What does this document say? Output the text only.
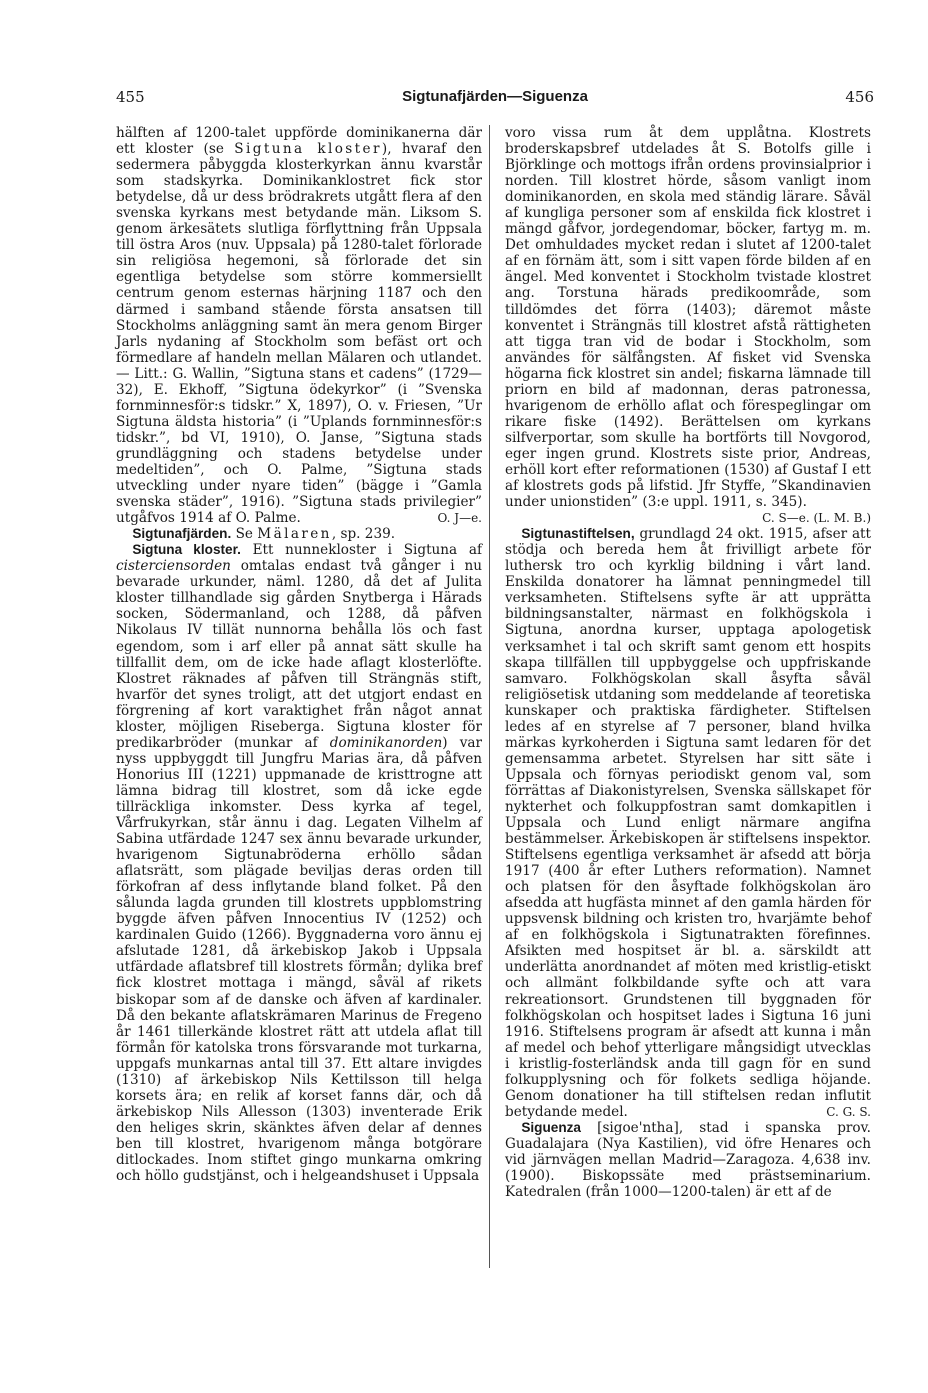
455	Sigtunafjärden—Siguenza	456

hälften af 1200-talet uppförde dominikanerna där ett kloster (se Sigtuna kloster), hvaraf den sedermera påbyggda klosterkyrkan ännu kvarstår som stadskyrka. Dominikanklostret fick stor betydelse, då ur dess brödrakrets utgått flera af den svenska kyrkans mest betydande män. Liksom S. genom ärkesätets slutliga förflyttning från Uppsala till östra Aros (nuv. Uppsala) på 1280-talet förlorade sin religiösa hegemoni, så förlorade det sin egentliga betydelse som större kommersiellt centrum genom esternas härjning 1187 och den därmed i samband stående första ansatsen till Stockholms anläggning samt än mera genom Birger Jarls nydaning af Stockholm som befäst ort och förmedlare af handeln mellan Mälaren och utlandet. — Litt.: G. Wallin, ”Sigtuna stans et cadens” (1729—32), E. Ekhoff, ”Sigtuna ödekyrkor” (i ”Svenska fornminnesför:s tidskr.” X, 1897), O. v. Friesen, ”Ur Sigtuna äldsta historia” (i ”Uplands fornminnesför:s tidskr.”, bd VI, 1910), O. Janse, ”Sigtuna stads grundläggning och stadens betydelse under medeltiden”, och O. Palme, ”Sigtuna stads utveckling under nyare tiden” (bägge i ”Gamla svenska städer”, 1916). ”Sigtuna stads privilegier” utgåfvos 1914 af O. Palme.	O. J—e.

Sigtunafjärden. Se Mälaren, sp. 239.

Sigtuna kloster. Ett nunnekloster i Sigtuna af cisterciensorden omtalas endast två gånger i nu bevarade urkunder, näml. 1280, då det af Julita kloster tillhandlade sig gården Snytberga i Härads socken, Södermanland, och 1288, då påfven Nikolaus IV tillät nunnorna behålla lös och fast egendom, som i arf eller på annat sätt skulle ha tillfallit dem, om de icke hade aflagt klosterlöfte. Klostret räknades af påfven till Strängnäs stift, hvarför det synes troligt, att det utgjort endast en förgrening af kort varaktighet från något annat kloster, möjligen Riseberga. Sigtuna kloster för predikarbröder (munkar af dominikanorden) var nyss uppbyggdt till Jungfru Marias ära, då påfven Honorius III (1221) uppmanade de kristtrogne att lämna bidrag till klostret, som då icke egde tillräckliga inkomster. Dess kyrka af tegel, Vårfrukyrkan, står ännu i dag. Legaten Vilhelm af Sabina utfärdade 1247 sex ännu bevarade urkunder, hvarigenom Sigtunabröderna erhöllo sådan aflatsrätt, som plägade beviljas deras orden till förkofran af dess inflytande bland folket. På den sålunda lagda grunden till klostrets uppblomstring byggde äfven påfven Innocentius IV (1252) och kardinalen Guido (1266). Byggnaderna voro ännu ej afslutade 1281, då ärkebiskop Jakob i Uppsala utfärdade aflatsbref till klostrets förmån; dylika bref fick klostret mottaga i mängd, såväl af rikets biskopar som af de danske och äfven af kardinaler. Då den bekante aflatskrämaren Marinus de Fregeno år 1461 tillerkände klostret rätt att utdela aflat till förmån för katolska trons försvarande mot turkarna, uppgafs munkarnas antal till 37. Ett altare invigdes (1310) af ärkebiskop Nils Kettilsson till helga korsets ära; en relik af korset fanns där, och då ärkebiskop Nils Allesson (1303) inventerade Erik den heliges skrin, skänktes äfven delar af dennes ben till klostret, hvarigenom många botgörare ditlockades. Inom stiftet gingo munkarna omkring och höllo gudstjänst, och i helgeandshuset i Uppsala

voro vissa rum åt dem upplåtna. Klostrets broderskapsbref utdelades åt S. Botolfs gille i Björklinge och mottogs ifrån ordens provinsialprior i norden. Till klostret hörde, såsom vanligt inom dominikanorden, en skola med ständig lärare. Såväl af kungliga personer som af enskilda fick klostret i mängd gåfvor, jordegendomar, böcker, fartyg m. m. Det omhuldades mycket redan i slutet af 1200-talet af en förnäm ätt, som i sitt vapen förde bilden af en ängel. Med konventet i Stockholm tvistade klostret ang. Torstuna härads predikoområde, som tilldömdes det förra (1403); däremot måste konventet i Strängnäs till klostret afstå rättigheten att tigga tran vid de bodar i Stockholm, som användes för sälfångsten. Af fisket vid Svenska högarna fick klostret sin andel; fiskarna lämnade till priorn en bild af madonnan, deras patronessa, hvarigenom de erhöllo aflat och förespeglingar om rikare fiske (1492). Berättelsen om kyrkans silfverportar, som skulle ha bortförts till Novgorod, eger ingen grund. Klostrets siste prior, Andreas, erhöll kort efter reformationen (1530) af Gustaf I ett af klostrets gods på lifstid. Jfr Styffe, ”Skandinavien under unionstiden” (3:e uppl. 1911, s. 345).
C. S—e. (L. M. B.)

Sigtunastiftelsen, grundlagd 24 okt. 1915, afser att stödja och bereda hem åt frivilligt arbete för luthersk tro och kyrklig bildning i vårt land. Enskilda donatorer ha lämnat penningmedel till verksamheten. Stiftelsens syfte är att upprätta bildningsanstalter, närmast en folkhögskola i Sigtuna, anordna kurser, upptaga apologetisk verksamhet i tal och skrift samt genom ett hospits skapa tillfällen till uppbyggelse och uppfriskande samvaro. Folkhögskolan skall åsyfta såväl religiösetisk utdaning som meddelande af teoretiska kunskaper och praktiska färdigheter. Stiftelsen ledes af en styrelse af 7 personer, bland hvilka märkas kyrkoherden i Sigtuna samt ledaren för det gemensamma arbetet. Styrelsen har sitt säte i Uppsala och förnyas periodiskt genom val, som förrättas af Diakonistyrelsen, Svenska sällskapet för nykterhet och folkuppfostran samt domkapitlen i Uppsala och Lund enligt närmare angifna bestämmelser. Ärkebiskopen är stiftelsens inspektor. Stiftelsens egentliga verksamhet är afsedd att börja 1917 (400 år efter Luthers reformation). Namnet och platsen för den åsyftade folkhögskolan äro afsedda att hugfästa minnet af den gamla härden för uppsvensk bildning och kristen tro, hvarjämte behof af en folkhögskola i Sigtunatrakten förefinnes. Afsikten med hospitset är bl. a. särskildt att underlätta anordnandet af möten med kristlig-etiskt och allmänt folkbildande syfte och att vara rekreationsort. Grundstenen till byggnaden för folkhögskolan och hospitset lades i Sigtuna 16 juni 1916. Stiftelsens program är afsedt att kunna i mån af medel och behof ytterligare mångsidigt utvecklas i kristlig-fosterländsk anda till gagn för en sund folkupplysning och för folkets sedliga höjande. Genom donationer ha till stiftelsen redan influtit betydande medel.	C. G. S.

Siguenza [sigoe'ntha], stad i spanska prov. Guadalajara (Nya Kastilien), vid öfre Henares och vid järnvägen mellan Madrid—Zaragoza. 4,638 inv. (1900). Biskopssäte med prästseminarium. Katedralen (från 1000—1200-talen) är ett af de
